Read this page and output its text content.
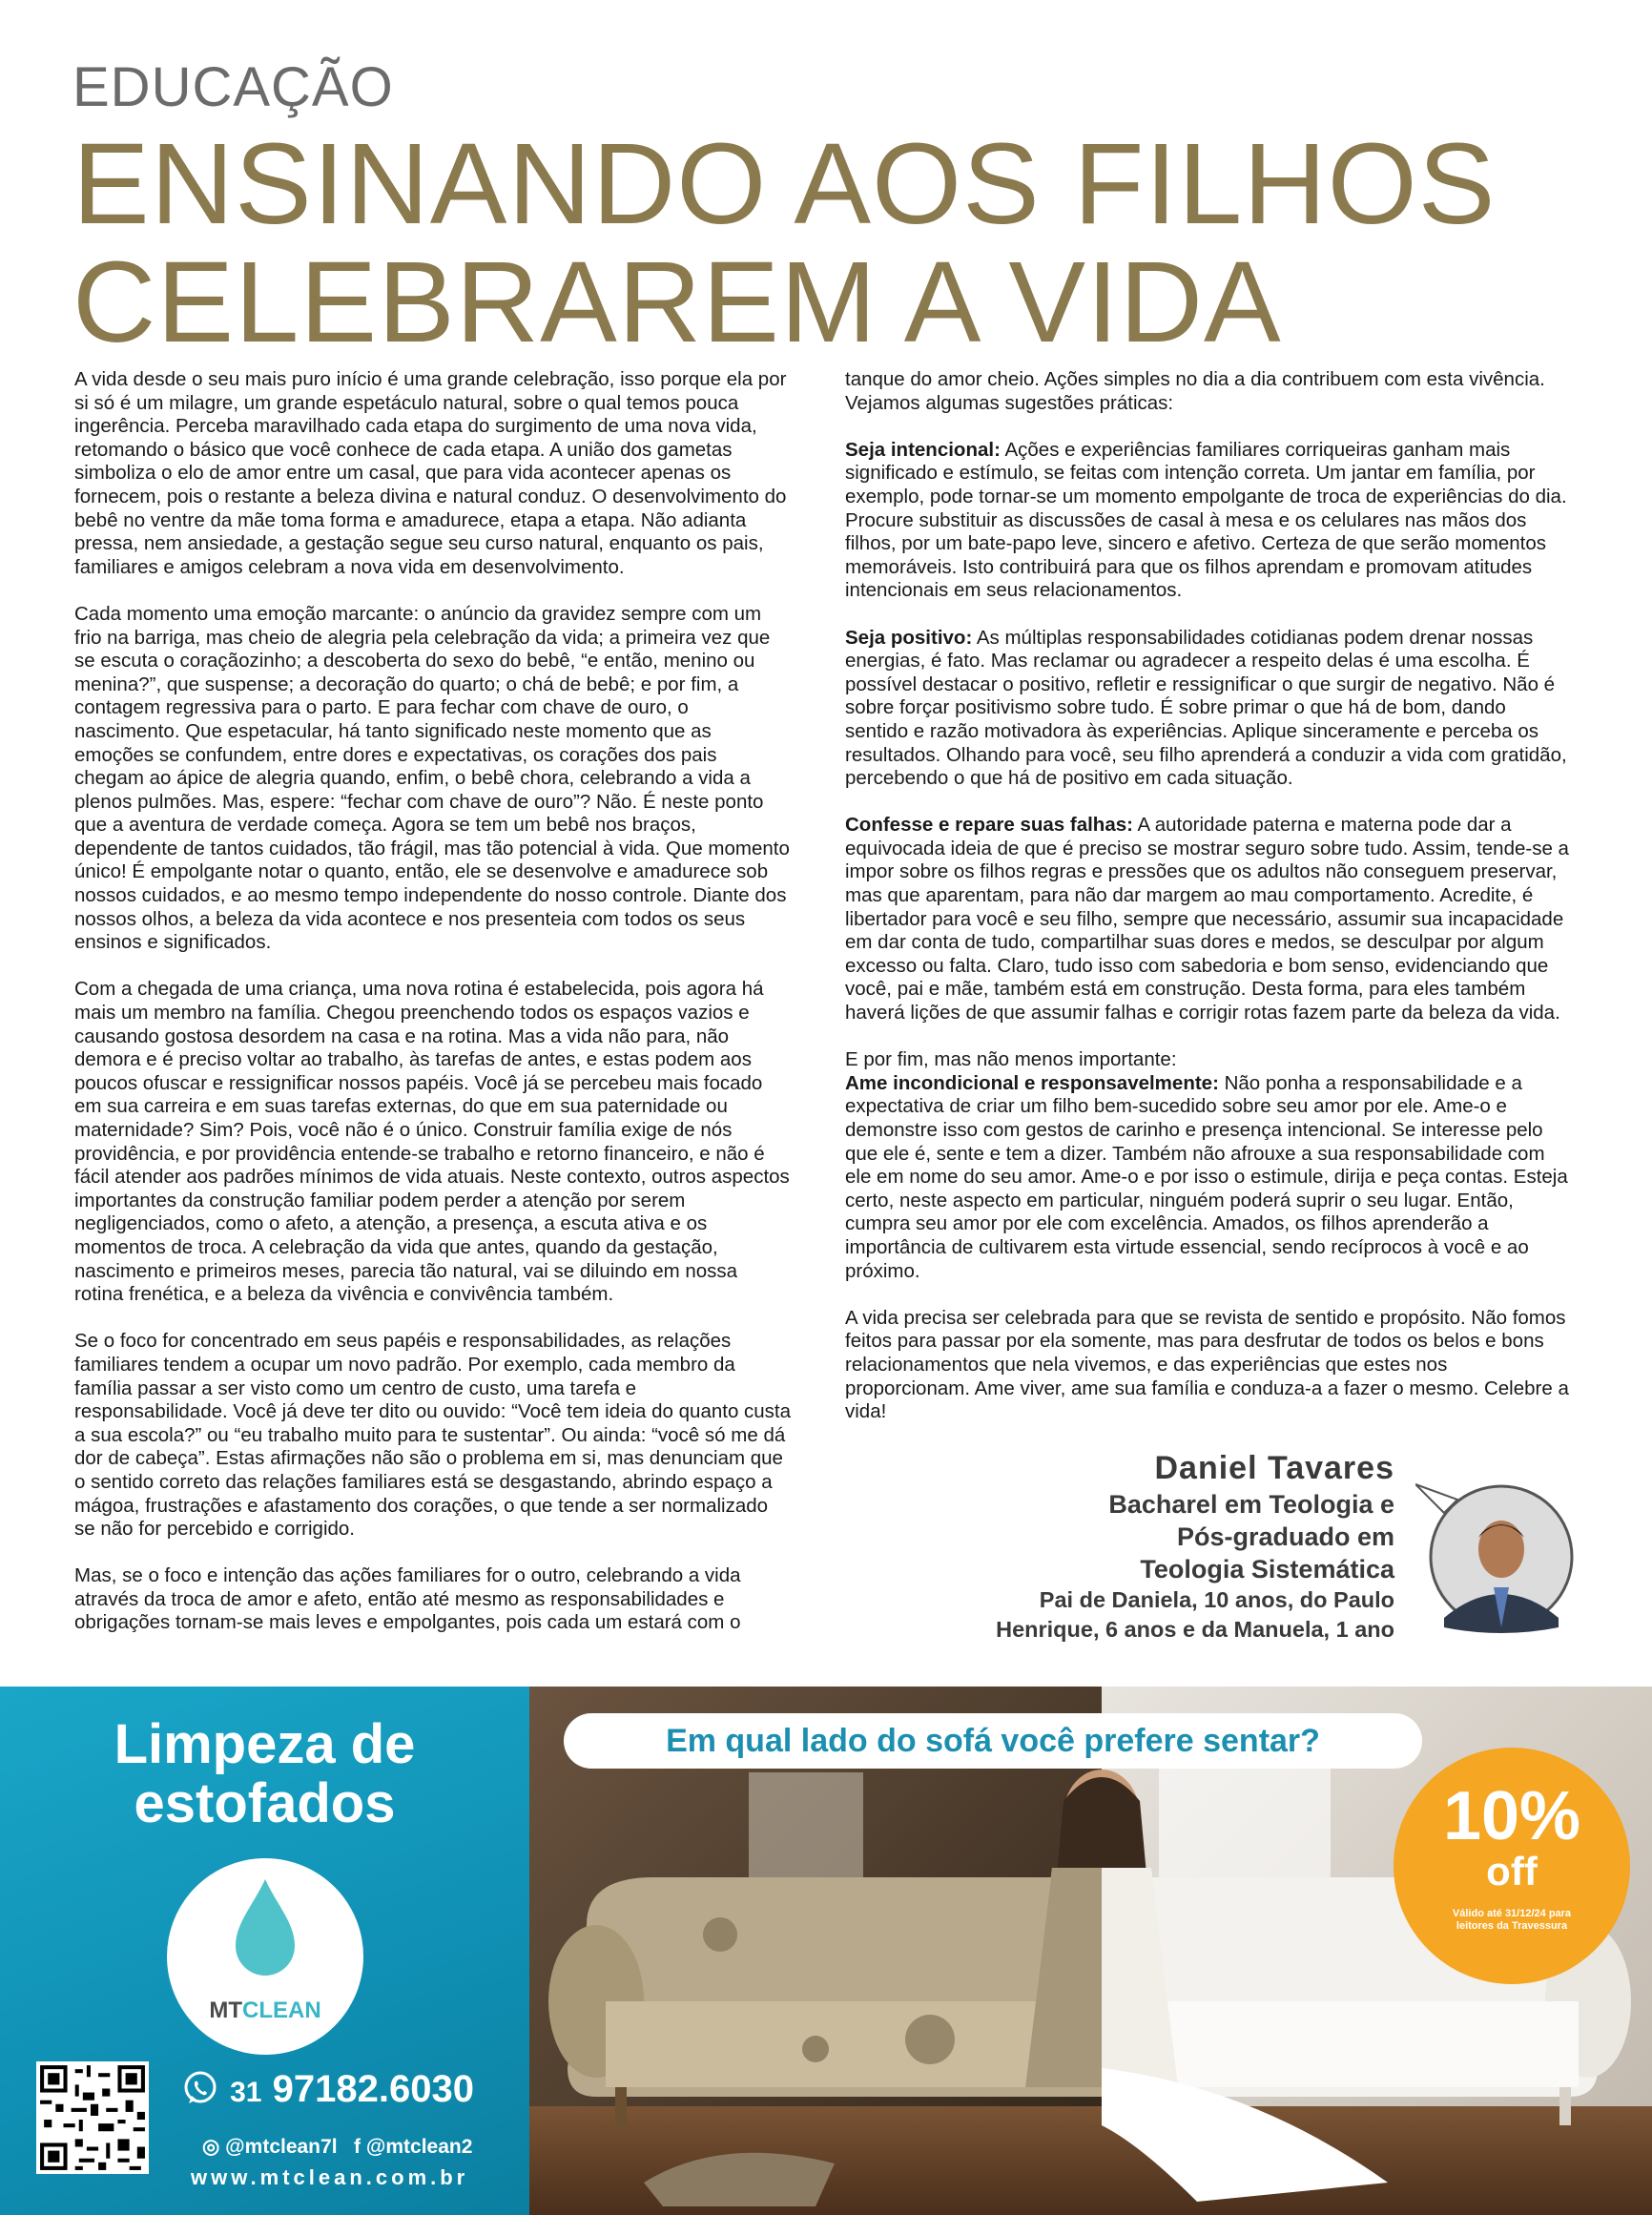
EDUCAÇÃO
ENSINANDO AOS FILHOS
CELEBRAREM A VIDA

A vida desde o seu mais puro início é uma grande celebração, isso porque ela por si só é um milagre, um grande espetáculo natural, sobre o qual temos pouca ingerência. Perceba maravilhado cada etapa do surgimento de uma nova vida, retomando o básico que você conhece de cada etapa. A união dos gametas simboliza o elo de amor entre um casal, que para vida acontecer apenas os fornecem, pois o restante a beleza divina e natural conduz. O desenvolvimento do bebê no ventre da mãe toma forma e amadurece, etapa a etapa. Não adianta pressa, nem ansiedade, a gestação segue seu curso natural, enquanto os pais, familiares e amigos celebram a nova vida em desenvolvimento.

Cada momento uma emoção marcante: o anúncio da gravidez sempre com um frio na barriga, mas cheio de alegria pela celebração da vida; a primeira vez que se escuta o coraçãozinho; a descoberta do sexo do bebê, “e então, menino ou menina?”, que suspense; a decoração do quarto; o chá de bebê; e por fim, a contagem regressiva para o parto. E para fechar com chave de ouro, o nascimento. Que espetacular, há tanto significado neste momento que as emoções se confundem, entre dores e expectativas, os corações dos pais chegam ao ápice de alegria quando, enfim, o bebê chora, celebrando a vida a plenos pulmões. Mas, espere: “fechar com chave de ouro”? Não. É neste ponto que a aventura de verdade começa. Agora se tem um bebê nos braços, dependente de tantos cuidados, tão frágil, mas tão potencial à vida. Que momento único! É empolgante notar o quanto, então, ele se desenvolve e amadurece sob nossos cuidados, e ao mesmo tempo independente do nosso controle. Diante dos nossos olhos, a beleza da vida acontece e nos presenteia com todos os seus ensinos e significados.

Com a chegada de uma criança, uma nova rotina é estabelecida, pois agora há mais um membro na família. Chegou preenchendo todos os espaços vazios e causando gostosa desordem na casa e na rotina. Mas a vida não para, não demora e é preciso voltar ao trabalho, às tarefas de antes, e estas podem aos poucos ofuscar e ressignificar nossos papéis. Você já se percebeu mais focado em sua carreira e em suas tarefas externas, do que em sua paternidade ou maternidade? Sim? Pois, você não é o único. Construir família exige de nós providência, e por providência entende-se trabalho e retorno financeiro, e não é fácil atender aos padrões mínimos de vida atuais. Neste contexto, outros aspectos importantes da construção familiar podem perder a atenção por serem negligenciados, como o afeto, a atenção, a presença, a escuta ativa e os momentos de troca. A celebração da vida que antes, quando da gestação, nascimento e primeiros meses, parecia tão natural, vai se diluindo em nossa rotina frenética, e a beleza da vivência e convivência também.

Se o foco for concentrado em seus papéis e responsabilidades, as relações familiares tendem a ocupar um novo padrão. Por exemplo, cada membro da família passar a ser visto como um centro de custo, uma tarefa e responsabilidade. Você já deve ter dito ou ouvido: “Você tem ideia do quanto custa a sua escola?” ou “eu trabalho muito para te sustentar”. Ou ainda: “você só me dá dor de cabeça”. Estas afirmações não são o problema em si, mas denunciam que o sentido correto das relações familiares está se desgastando, abrindo espaço a mágoa, frustrações e afastamento dos corações, o que tende a ser normalizado se não for percebido e corrigido.

Mas, se o foco e intenção das ações familiares for o outro, celebrando a vida através da troca de amor e afeto, então até mesmo as responsabilidades e obrigações tornam-se mais leves e empolgantes, pois cada um estará com o

tanque do amor cheio. Ações simples no dia a dia contribuem com esta vivência. Vejamos algumas sugestões práticas:

Seja intencional: Ações e experiências familiares corriqueiras ganham mais significado e estímulo, se feitas com intenção correta. Um jantar em família, por exemplo, pode tornar-se um momento empolgante de troca de experiências do dia. Procure substituir as discussões de casal à mesa e os celulares nas mãos dos filhos, por um bate-papo leve, sincero e afetivo. Certeza de que serão momentos memoráveis. Isto contribuirá para que os filhos aprendam e promovam atitudes intencionais em seus relacionamentos.

Seja positivo: As múltiplas responsabilidades cotidianas podem drenar nossas energias, é fato. Mas reclamar ou agradecer a respeito delas é uma escolha. É possível destacar o positivo, refletir e ressignificar o que surgir de negativo. Não é sobre forçar positivismo sobre tudo. É sobre primar o que há de bom, dando sentido e razão motivadora às experiências. Aplique sinceramente e perceba os resultados. Olhando para você, seu filho aprenderá a conduzir a vida com gratidão, percebendo o que há de positivo em cada situação.

Confesse e repare suas falhas: A autoridade paterna e materna pode dar a equivocada ideia de que é preciso se mostrar seguro sobre tudo. Assim, tende-se a impor sobre os filhos regras e pressões que os adultos não conseguem preservar, mas que aparentam, para não dar margem ao mau comportamento. Acredite, é libertador para você e seu filho, sempre que necessário, assumir sua incapacidade em dar conta de tudo, compartilhar suas dores e medos, se desculpar por algum excesso ou falta. Claro, tudo isso com sabedoria e bom senso, evidenciando que você, pai e mãe, também está em construção. Desta forma, para eles também haverá lições de que assumir falhas e corrigir rotas fazem parte da beleza da vida.

E por fim, mas não menos importante:
Ame incondicional e responsavelmente: Não ponha a responsabilidade e a expectativa de criar um filho bem-sucedido sobre seu amor por ele. Ame-o e demonstre isso com gestos de carinho e presença intencional. Se interesse pelo que ele é, sente e tem a dizer. Também não afrouxe a sua responsabilidade com ele em nome do seu amor. Ame-o e por isso o estimule, dirija e peça contas. Esteja certo, neste aspecto em particular, ninguém poderá suprir o seu lugar. Então, cumpra seu amor por ele com excelência. Amados, os filhos aprenderão a importância de cultivarem esta virtude essencial, sendo recíprocos à você e ao próximo.

A vida precisa ser celebrada para que se revista de sentido e propósito. Não fomos feitos para passar por ela somente, mas para desfrutar de todos os belos e bons relacionamentos que nela vivemos, e das experiências que estes nos proporcionam. Ame viver, ame sua família e conduza-a a fazer o mesmo. Celebre a vida!

Daniel Tavares
Bacharel em Teologia e
Pós-graduado em
Teologia Sistemática
Pai de Daniela, 10 anos, do Paulo
Henrique, 6 anos e da Manuela, 1 ano
Limpeza de
estofados
MTCLEAN
31 97182.6030
◎ @mtclean7l f @mtclean2
www.mtclean.com.br
Em qual lado do sofá você prefere sentar?
10%
off
Válido até 31/12/24 para leitores da Travessura
